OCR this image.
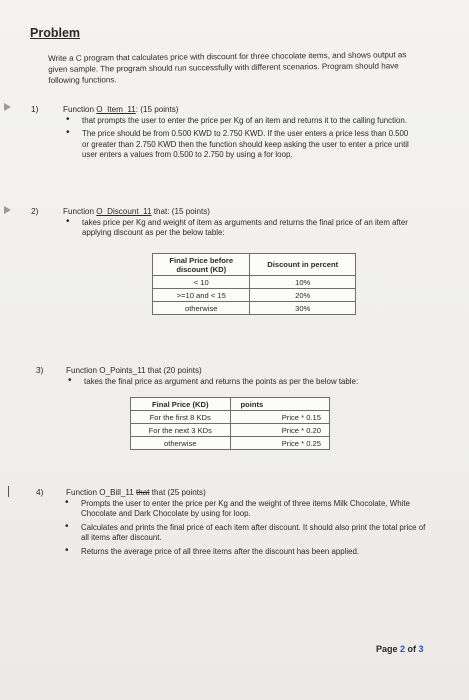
Problem
Write a C program that calculates price with discount for three chocolate items, and shows output as given sample. The program should run successfully with different scenarios. Program should have following functions.
1)	Function O_Item_11: (15 points)
• that prompts the user to enter the price per Kg of an item and returns it to the calling function.
• The price should be from 0.500 KWD to 2.750 KWD. If the user enters a price less than 0.500 or greater than 2.750 KWD then the function should keep asking the user to enter a price until user enters a values from 0.500 to 2.750 by using a for loop.
2)	Function O_Discount_11 that: (15 points)
• takes price per Kg and weight of item as arguments and returns the final price of an item after applying discount as per the below table:
Final Price before discount (KD)	Discount in percent
< 10	10%
>=10 and < 15	20%
otherwise	30%
3)	Function O_Points_11 that (20 points)
• takes the final price as argument and returns the points as per the below table:
Final Price (KD)	points
For the first 8 KDs	Price * 0.15
For the next 3 KDs	Price * 0.20
otherwise	Price * 0.25
4)	Function O_Bill_11 that that (25 points)
• Prompts the user to enter the price per Kg and the weight of three items Milk Chocolate, White Chocolate and Dark Chocolate by using for loop.
• Calculates and prints the final price of each item after discount. It should also print the total price of all items after discount.
• Returns the average price of all three items after the discount has been applied.
Page 2 of 3
